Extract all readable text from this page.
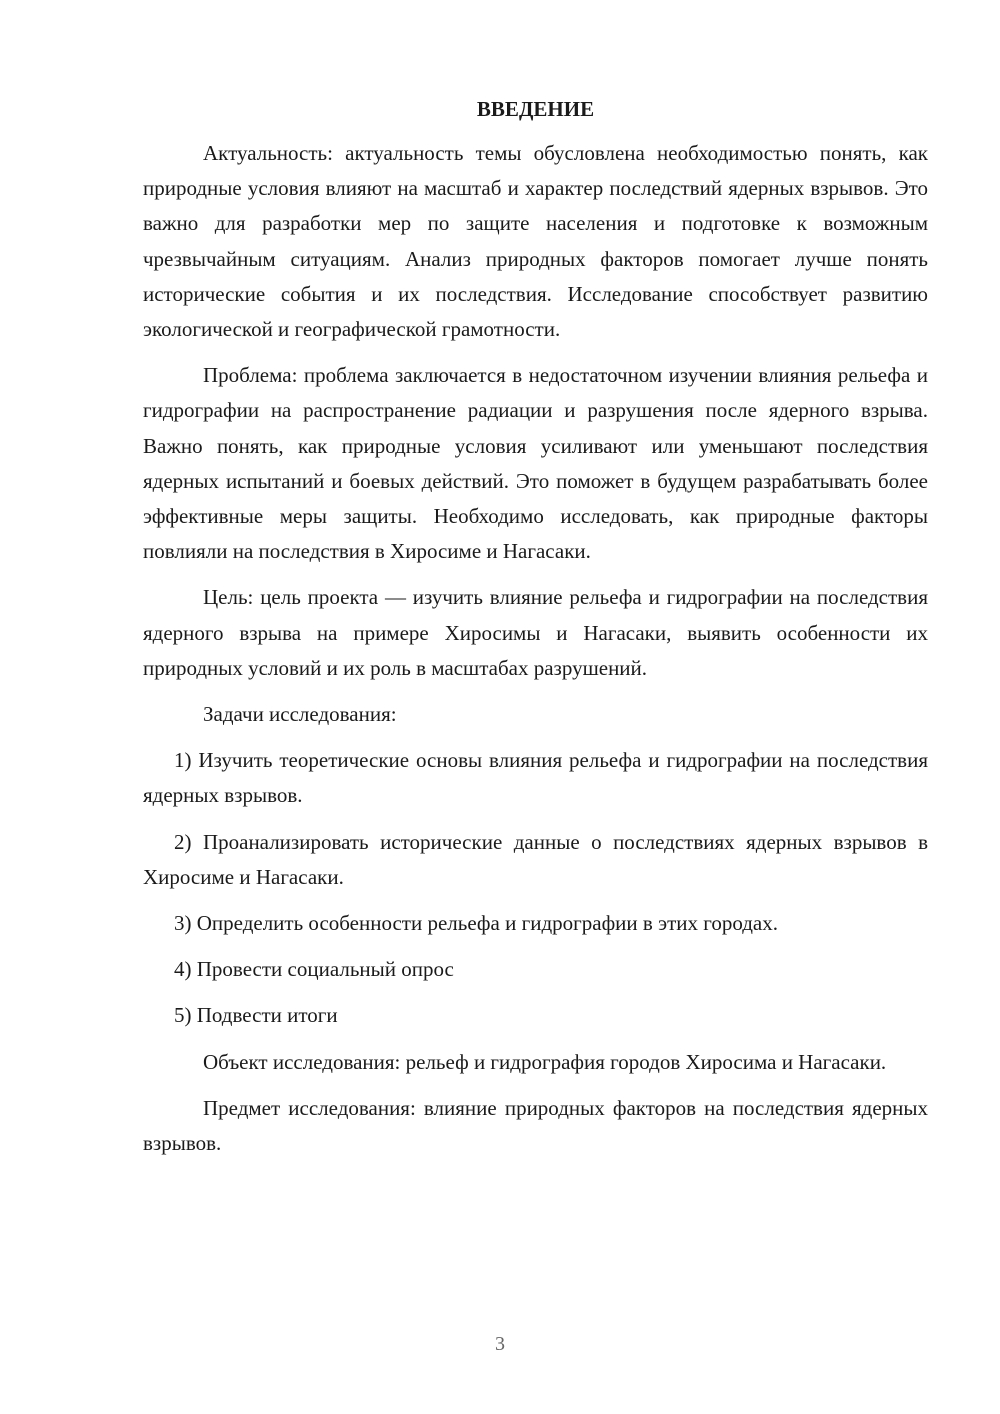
ВВЕДЕНИЕ

Актуальность: актуальность темы обусловлена необходимостью понять, как природные условия влияют на масштаб и характер последствий ядерных взрывов. Это важно для разработки мер по защите населения и подготовке к возможным чрезвычайным ситуациям. Анализ природных факторов помогает лучше понять исторические события и их последствия. Исследование способствует развитию экологической и географической грамотности.

Проблема: проблема заключается в недостаточном изучении влияния рельефа и гидрографии на распространение радиации и разрушения после ядерного взрыва. Важно понять, как природные условия усиливают или уменьшают последствия ядерных испытаний и боевых действий. Это поможет в будущем разрабатывать более эффективные меры защиты. Необходимо исследовать, как природные факторы повлияли на последствия в Хиросиме и Нагасаки.

Цель: цель проекта — изучить влияние рельефа и гидрографии на последствия ядерного взрыва на примере Хиросимы и Нагасаки, выявить особенности их природных условий и их роль в масштабах разрушений.

Задачи исследования:

1) Изучить теоретические основы влияния рельефа и гидрографии на последствия ядерных взрывов.

2) Проанализировать исторические данные о последствиях ядерных взрывов в Хиросиме и Нагасаки.

3) Определить особенности рельефа и гидрографии в этих городах.

4) Провести социальный опрос

5) Подвести итоги

Объект исследования: рельеф и гидрография городов Хиросима и Нагасаки.

Предмет исследования: влияние природных факторов на последствия ядерных взрывов.

3
